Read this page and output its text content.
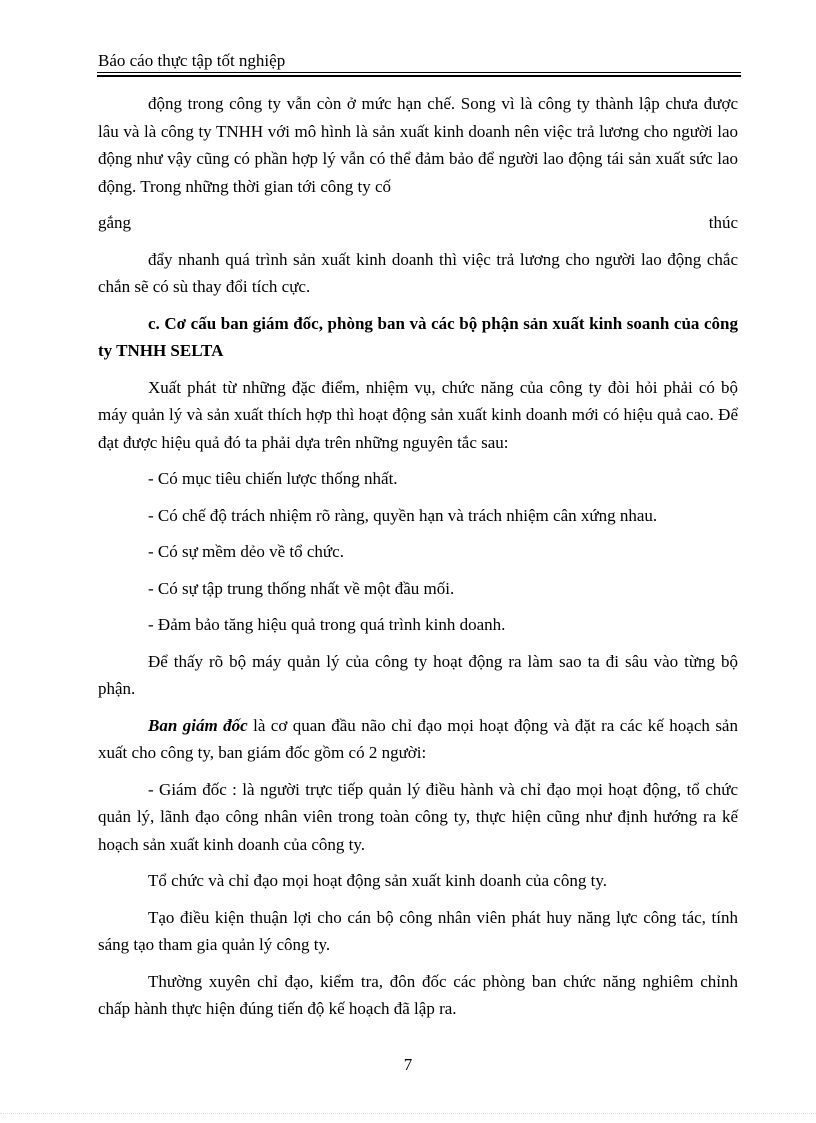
Báo cáo thực tập tốt nghiệp

động trong công ty vẫn còn ở mức hạn chế. Song vì là công ty thành lập chưa được lâu và là công ty TNHH với mô hình là sản xuất kinh doanh nên việc trả lương cho người lao động như vậy cũng có phần hợp lý vẫn có thể đảm bảo để người lao động tái sản xuất sức lao động. Trong những thời gian tới công ty cố

gắng	thúc

đẩy nhanh quá trình sản xuất kinh doanh thì việc trả lương cho người lao động chắc chắn sẽ có sù thay đổi tích cực.

c. Cơ cấu ban giám đốc, phòng ban và các bộ phận sản xuất kinh soanh của công ty TNHH SELTA

Xuất phát từ những đặc điểm, nhiệm vụ, chức năng của công ty đòi hỏi phải có bộ máy quản lý và sản xuất thích hợp thì hoạt động sản xuất kinh doanh mới có hiệu quả cao. Để đạt được hiệu quả đó ta phải dựa trên những nguyên tắc sau:

- Có mục tiêu chiến lược thống nhất.

- Có chế độ trách nhiệm rõ ràng, quyền hạn và trách nhiệm cân xứng nhau.

- Có sự mềm dẻo về tổ chức.

- Có sự tập trung thống nhất về một đầu mối.

- Đảm bảo tăng hiệu quả trong quá trình kinh doanh.

Để thấy rõ bộ máy quản lý của công ty hoạt động ra làm sao ta đi sâu vào từng bộ phận.

Ban giám đốc là cơ quan đầu não chỉ đạo mọi hoạt động và đặt ra các kế hoạch sản xuất cho công ty, ban giám đốc gồm có 2 người:

- Giám đốc : là người trực tiếp quản lý điều hành và chỉ đạo mọi hoạt động, tổ chức quản lý, lãnh đạo công nhân viên trong toàn công ty, thực hiện cũng như định hướng ra kế hoạch sản xuất kinh doanh của công ty.

Tổ chức và chỉ đạo mọi hoạt động sản xuất kinh doanh của công ty.

Tạo điều kiện thuận lợi cho cán bộ công nhân viên phát huy năng lực công tác, tính sáng tạo tham gia quản lý công ty.

Thường xuyên chỉ đạo, kiểm tra, đôn đốc các phòng ban chức năng nghiêm chỉnh chấp hành thực hiện đúng tiến độ kế hoạch đã lập ra.

7
